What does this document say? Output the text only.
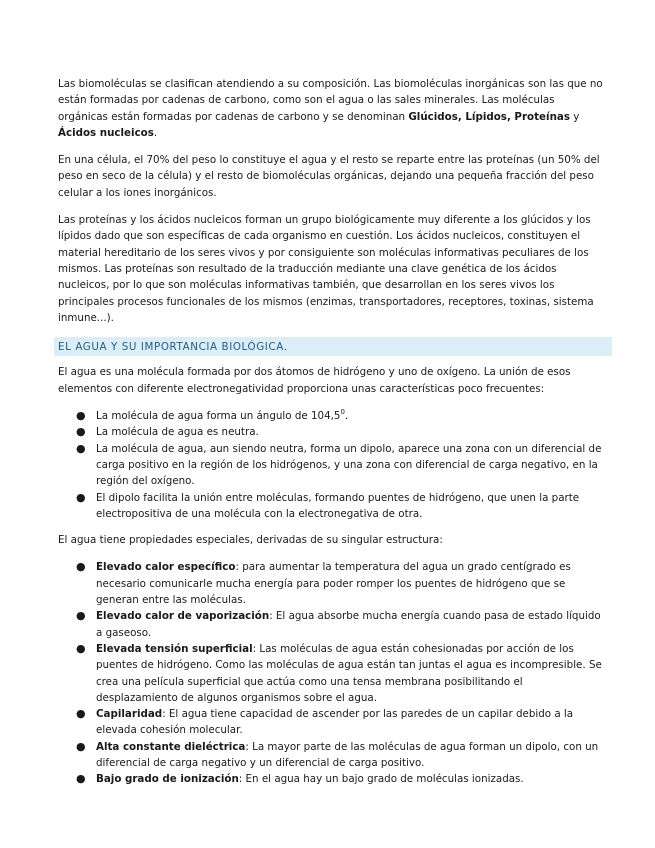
Las biomoléculas se clasifican atendiendo a su composición. Las biomoléculas inorgánicas son las que no están formadas por cadenas de carbono, como son el agua o las sales minerales. Las moléculas orgánicas están formadas por cadenas de carbono y se denominan Glúcidos, Lípidos, Proteínas y Ácidos nucleicos.

En una célula, el 70% del peso lo constituye el agua y el resto se reparte entre las proteínas (un 50% del peso en seco de la célula) y el resto de biomoléculas orgánicas, dejando una pequeña fracción del peso celular a los iones inorgánicos.

Las proteínas y los ácidos nucleicos forman un grupo biológicamente muy diferente a los glúcidos y los lípidos dado que son específicas de cada organismo en cuestión. Los ácidos nucleicos, constituyen el material hereditario de los seres vivos y por consiguiente son moléculas informativas peculiares de los mismos. Las proteínas son resultado de la traducción mediante una clave genética de los ácidos nucleicos, por lo que son moléculas informativas también, que desarrollan en los seres vivos los principales procesos funcionales de los mismos (enzimas, transportadores, receptores, toxinas, sistema inmune...).

EL AGUA Y SU IMPORTANCIA BIOLÓGICA.

El agua es una molécula formada por dos átomos de hidrógeno y uno de oxígeno. La unión de esos elementos con diferente electronegatividad proporciona unas características poco frecuentes:

● La molécula de agua forma un ángulo de 104,5$^0$.
● La molécula de agua es neutra.
● La molécula de agua, aun siendo neutra, forma un dipolo, aparece una zona con un diferencial de carga positivo en la región de los hidrógenos, y una zona con diferencial de carga negativo, en la región del oxígeno.
● El dipolo facilita la unión entre moléculas, formando puentes de hidrógeno, que unen la parte electropositiva de una molécula con la electronegativa de otra.

El agua tiene propiedades especiales, derivadas de su singular estructura:

● Elevado calor específico: para aumentar la temperatura del agua un grado centígrado es necesario comunicarle mucha energía para poder romper los puentes de hidrógeno que se generan entre las moléculas.
● Elevado calor de vaporización: El agua absorbe mucha energía cuando pasa de estado líquido a gaseoso.
● Elevada tensión superficial: Las moléculas de agua están cohesionadas por acción de los puentes de hidrógeno. Como las moléculas de agua están tan juntas el agua es incompresible. Se crea una película superficial que actúa como una tensa membrana posibilitando el desplazamiento de algunos organismos sobre el agua.
● Capilaridad: El agua tiene capacidad de ascender por las paredes de un capilar debido a la elevada cohesión molecular.
● Alta constante dieléctrica: La mayor parte de las moléculas de agua forman un dipolo, con un diferencial de carga negativo y un diferencial de carga positivo.
● Bajo grado de ionización: En el agua hay un bajo grado de moléculas ionizadas.
